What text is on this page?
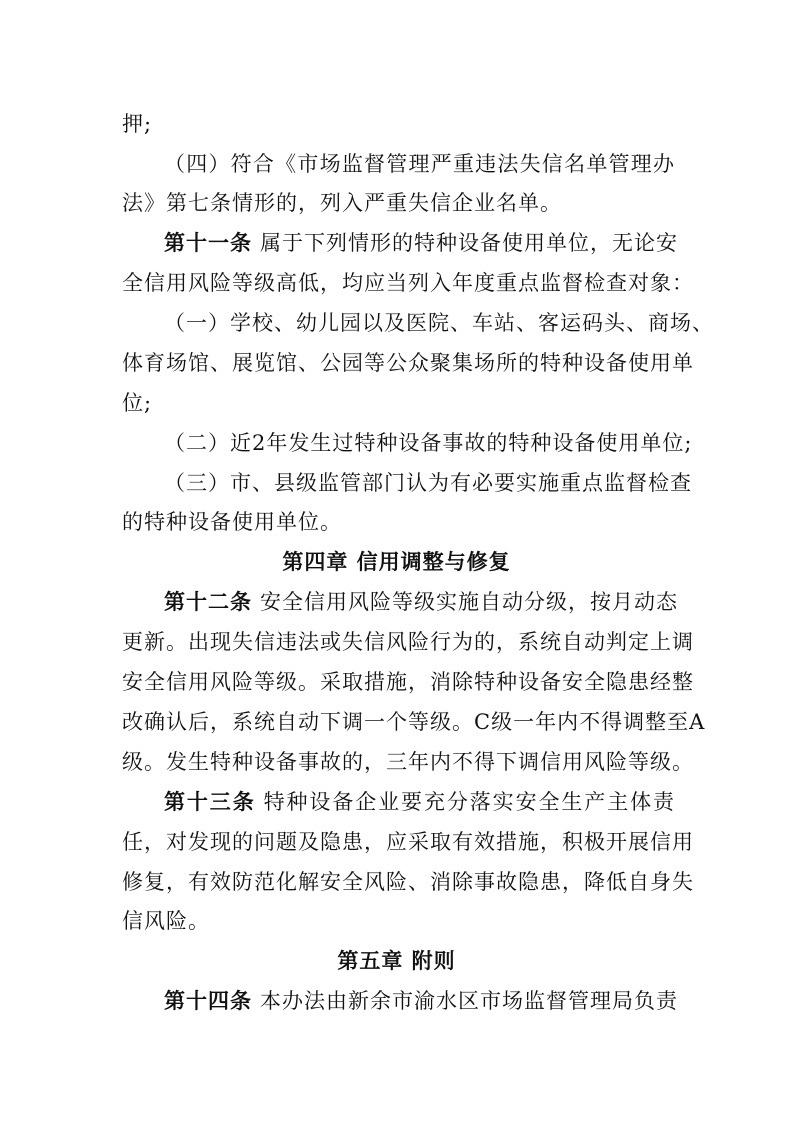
押;
（四）符合《市场监督管理严重违法失信名单管理办
法》第七条情形的，列入严重失信企业名单。
第十一条 属于下列情形的特种设备使用单位，无论安
全信用风险等级高低，均应当列入年度重点监督检查对象：
（一）学校、幼儿园以及医院、车站、客运码头、商场、
体育场馆、展览馆、公园等公众聚集场所的特种设备使用单
位;
（二）近2年发生过特种设备事故的特种设备使用单位;
（三）市、县级监管部门认为有必要实施重点监督检查
的特种设备使用单位。
第四章 信用调整与修复
第十二条 安全信用风险等级实施自动分级，按月动态
更新。出现失信违法或失信风险行为的，系统自动判定上调
安全信用风险等级。采取措施，消除特种设备安全隐患经整
改确认后，系统自动下调一个等级。C级一年内不得调整至A
级。发生特种设备事故的，三年内不得下调信用风险等级。
第十三条 特种设备企业要充分落实安全生产主体责
任，对发现的问题及隐患，应采取有效措施，积极开展信用
修复，有效防范化解安全风险、消除事故隐患，降低自身失
信风险。
第五章 附则
第十四条 本办法由新余市渝水区市场监督管理局负责
